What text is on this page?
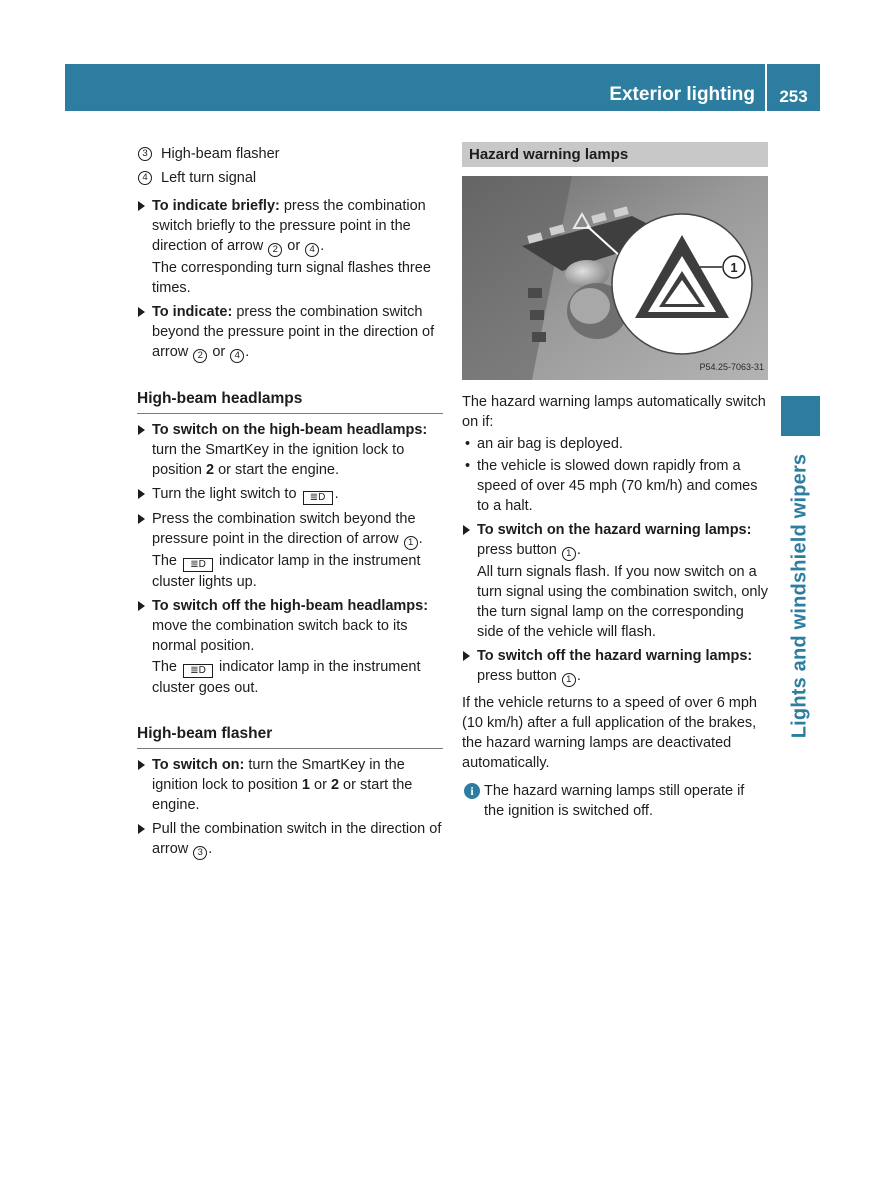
Exterior lighting	253
Lights and windshield wipers
3 High-beam flasher
4 Left turn signal
To indicate briefly: press the combination switch briefly to the pressure point in the direction of arrow 2 or 4 .
The corresponding turn signal flashes three times.
To indicate: press the combination switch beyond the pressure point in the direction of arrow 2 or 4 .
High-beam headlamps
To switch on the high-beam headlamps: turn the SmartKey in the ignition lock to position 2 or start the engine.
Turn the light switch to ≣D .
Press the combination switch beyond the pressure point in the direction of arrow 1 .
The ≣D indicator lamp in the instrument cluster lights up.
To switch off the high-beam headlamps: move the combination switch back to its normal position.
The ≣D indicator lamp in the instrument cluster goes out.
High-beam flasher
To switch on: turn the SmartKey in the ignition lock to position 1 or 2 or start the engine.
Pull the combination switch in the direction of arrow 3 .
Hazard warning lamps
1
P54.25-7063-31
The hazard warning lamps automatically switch on if:
• an air bag is deployed.
• the vehicle is slowed down rapidly from a speed of over 45 mph (70 km/h) and comes to a halt.
To switch on the hazard warning lamps: press button 1 .
All turn signals flash. If you now switch on a turn signal using the combination switch, only the turn signal lamp on the corresponding side of the vehicle will flash.
To switch off the hazard warning lamps: press button 1 .
If the vehicle returns to a speed of over 6 mph (10 km/h) after a full application of the brakes, the hazard warning lamps are deactivated automatically.
i The hazard warning lamps still operate if the ignition is switched off.
